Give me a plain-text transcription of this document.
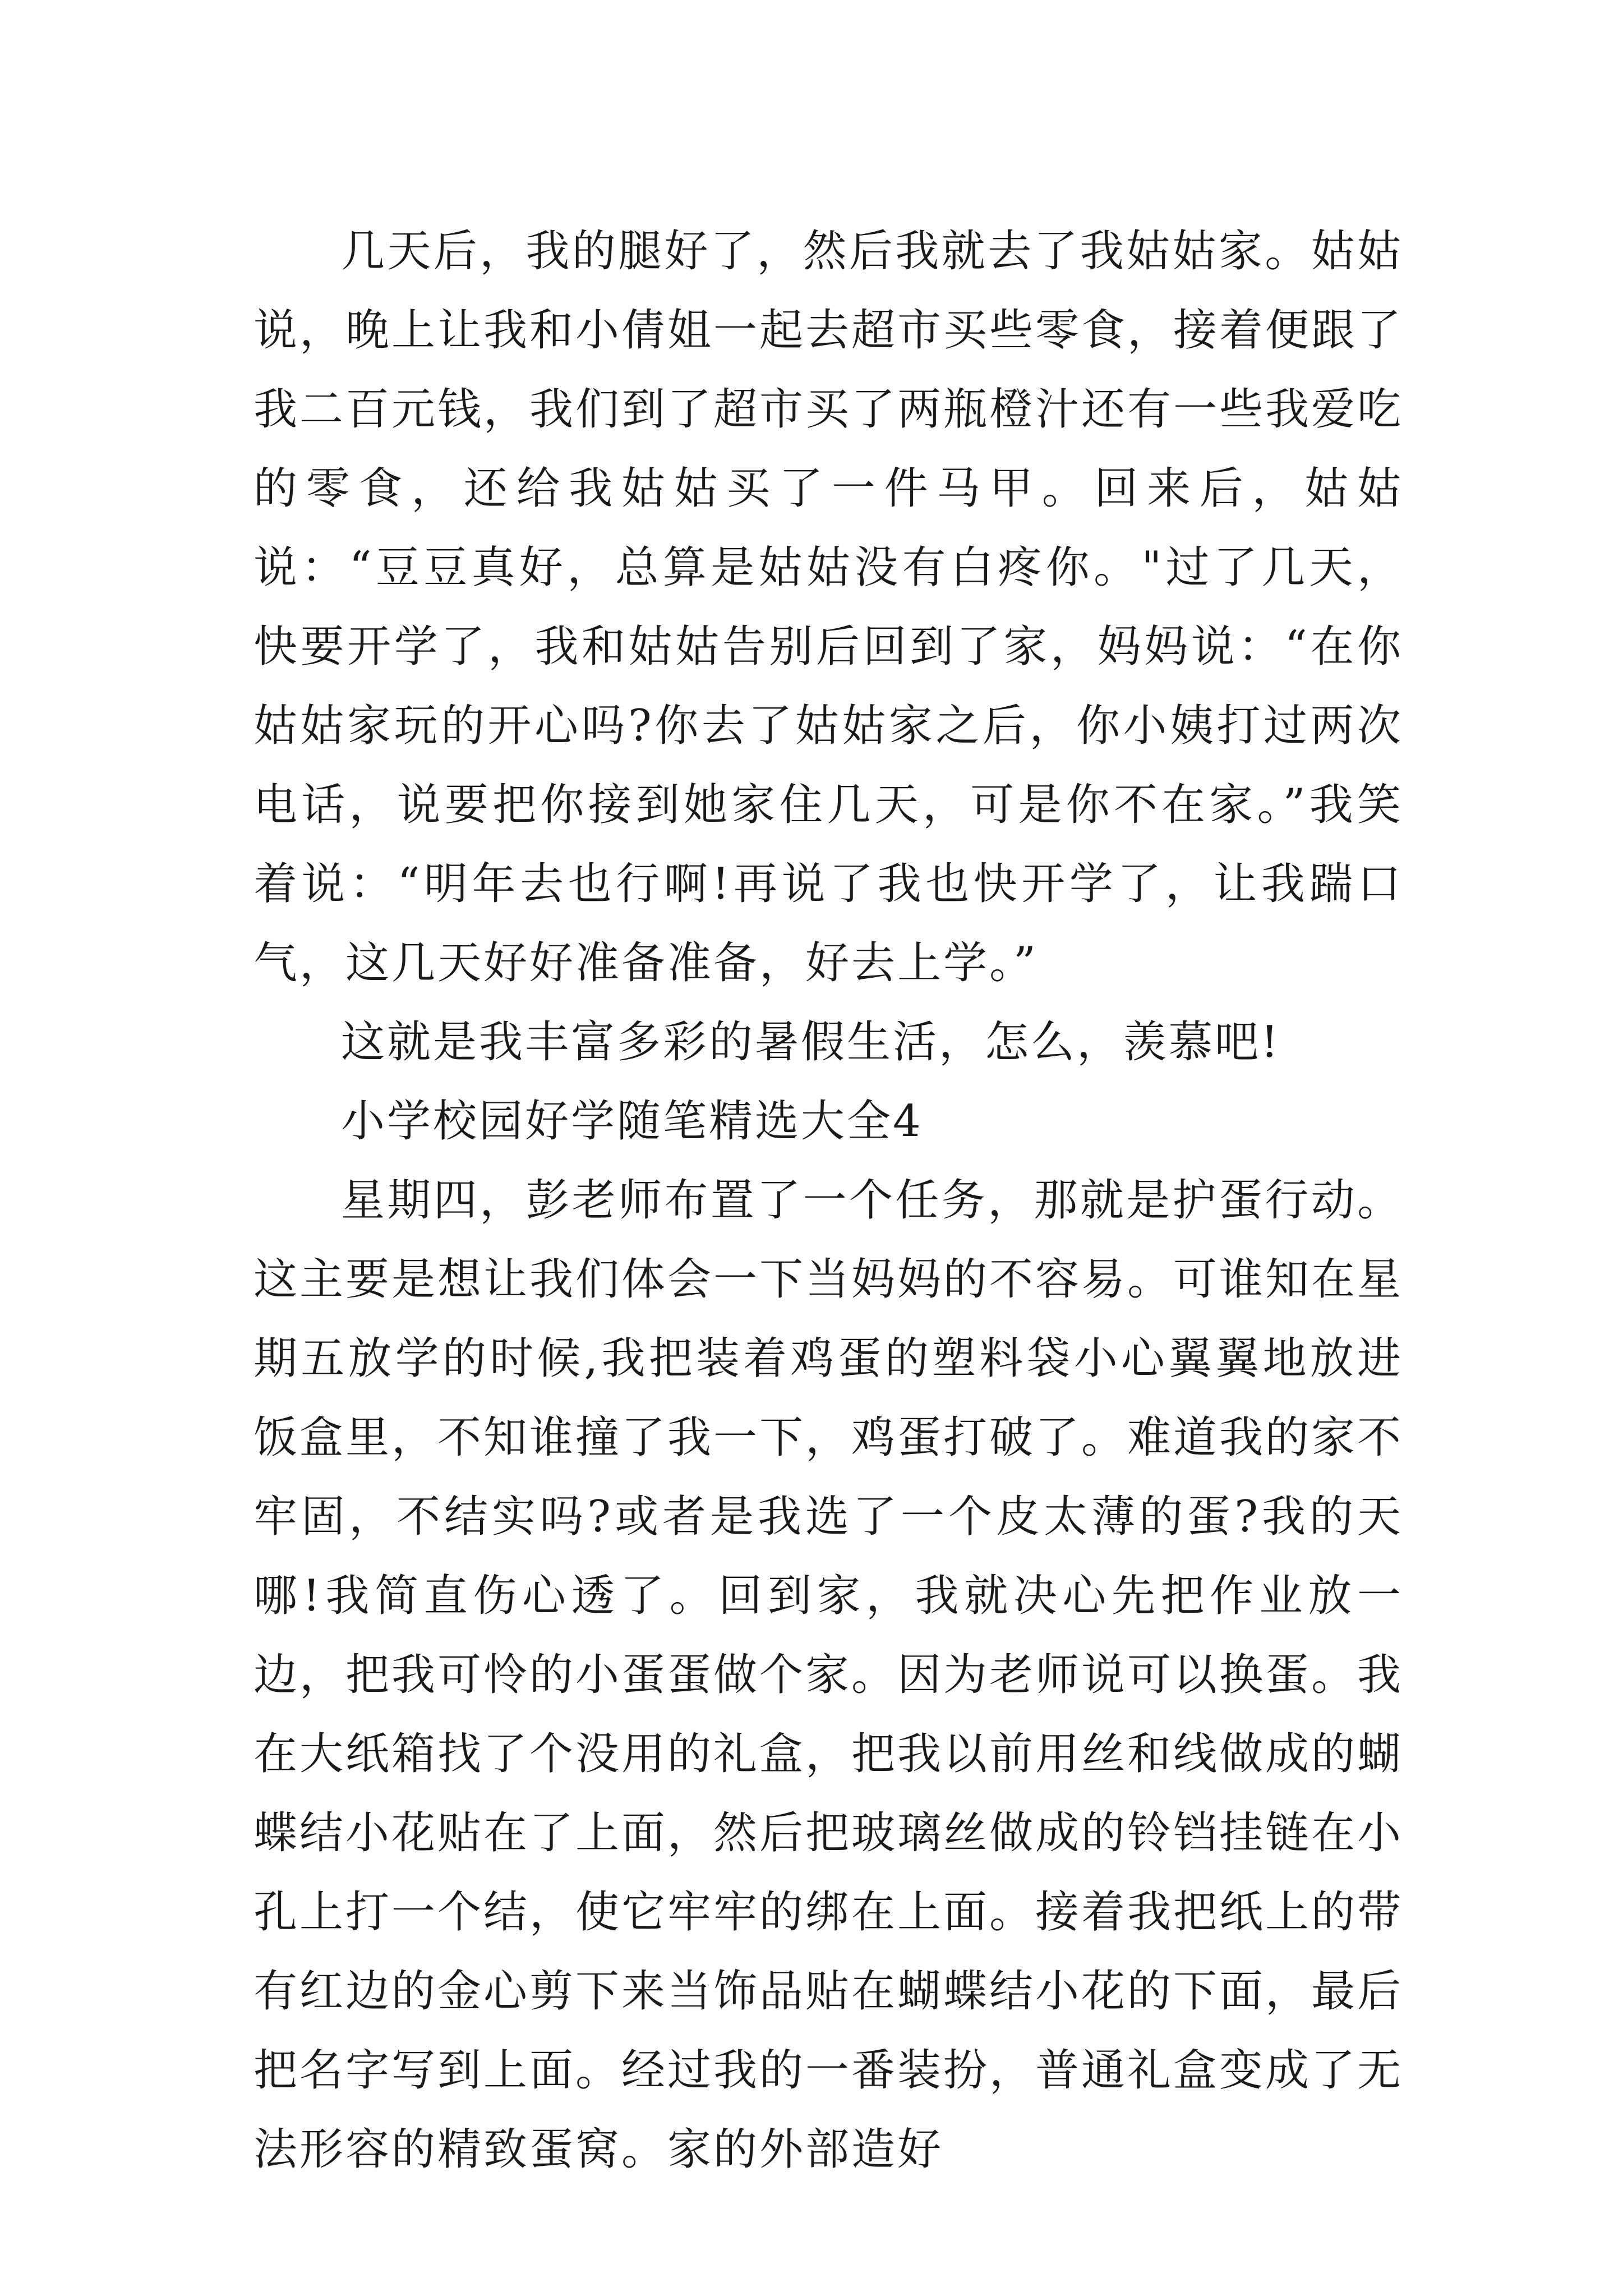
几天后，我的腿好了，然后我就去了我姑姑家。姑姑说，晚上让我和小倩姐一起去超市买些零食，接着便跟了我二百元钱，我们到了超市买了两瓶橙汁还有一些我爱吃的零食，还给我姑姑买了一件马甲。回来后，姑姑说：“豆豆真好，总算是姑姑没有白疼你。"过了几天，快要开学了，我和姑姑告别后回到了家，妈妈说：“在你姑姑家玩的开心吗?你去了姑姑家之后，你小姨打过两次电话，说要把你接到她家住几天，可是你不在家。”我笑着说：“明年去也行啊!再说了我也快开学了，让我踹口气，这几天好好准备准备，好去上学。”

这就是我丰富多彩的暑假生活，怎么，羡慕吧!

小学校园好学随笔精选大全4

星期四，彭老师布置了一个任务，那就是护蛋行动。这主要是想让我们体会一下当妈妈的不容易。可谁知在星期五放学的时候,我把装着鸡蛋的塑料袋小心翼翼地放进饭盒里，不知谁撞了我一下，鸡蛋打破了。难道我的家不牢固，不结实吗?或者是我选了一个皮太薄的蛋?我的天哪!我简直伤心透了。回到家，我就决心先把作业放一边，把我可怜的小蛋蛋做个家。因为老师说可以换蛋。我在大纸箱找了个没用的礼盒，把我以前用丝和线做成的蝴蝶结小花贴在了上面，然后把玻璃丝做成的铃铛挂链在小孔上打一个结，使它牢牢的绑在上面。接着我把纸上的带有红边的金心剪下来当饰品贴在蝴蝶结小花的下面，最后把名字写到上面。经过我的一番装扮，普通礼盒变成了无法形容的精致蛋窝。家的外部造好
